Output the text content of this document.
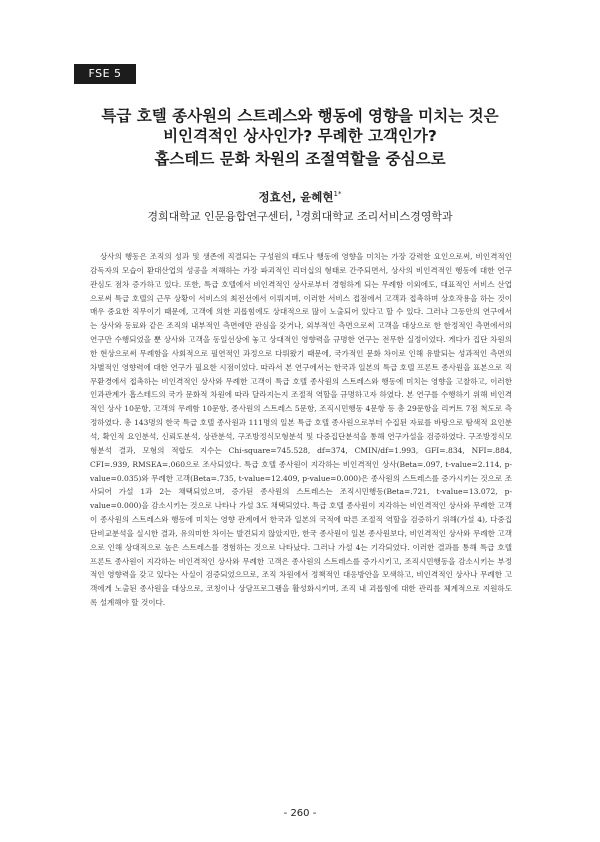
FSE 5
특급 호텔 종사원의 스트레스와 행동에 영향을 미치는 것은
비인격적인 상사인가? 무례한 고객인가?
홉스테드 문화 차원의 조절역할을 중심으로
정효선, 윤혜현$^{1*}$
경희대학교 인문융합연구센터, $^1$경희대학교 조리서비스경영학과
상사의 행동은 조직의 성과 및 생존에 직결되는 구성원의 태도나 행동에 영향을 미치는 가장 강력한 요인으로써, 비인격적인 감독자의 모습이 환대산업의 성공을 저해하는 가장 파괴적인 리더십의 형태로 간주되면서, 상사의 비인격적인 행동에 대한 연구 관심도 점차 증가하고 있다. 또한, 특급 호텔에서 비인격적인 상사로부터 경험하게 되는 무례함 이외에도, 대표적인 서비스 산업으로써 특급 호텔의 근무 상황이 서비스의 최전선에서 이뤄지며, 이러한 서비스 접점에서 고객과 접촉하며 상호작용을 하는 것이 매우 중요한 직무이기 때문에, 고객에 의한 괴롭힘에도 상대적으로 많이 노출되어 있다고 할 수 있다. 그러나 그동안의 연구에서는 상사와 동료와 같은 조직의 내부적인 측면에만 관심을 갖거나, 외부적인 측면으로써 고객을 대상으로 한 한정적인 측면에서의 연구만 수행되었을 뿐 상사와 고객을 동일선상에 놓고 상대적인 영향력을 규명한 연구는 전무한 실정이었다. 게다가 집단 차원의 한 현상으로써 무례함을 사회적으로 필연적인 과정으로 다뤄왔기 때문에, 국가적인 문화 차이로 인해 유발되는 성과적인 측면의 차별적인 영향력에 대한 연구가 필요한 시점이었다. 따라서 본 연구에서는 한국과 일본의 특급 호텔 프론트 종사원을 표본으로 직무환경에서 접촉하는 비인격적인 상사와 무례한 고객이 특급 호텔 종사원의 스트레스와 행동에 미치는 영향을 고찰하고, 이러한 인과관계가 홉스테드의 국가 문화적 차원에 따라 달라지는지 조절적 역할을 규명하고자 하였다. 본 연구를 수행하기 위해 비인격적인 상사 10문항, 고객의 무례함 10문항, 종사원의 스트레스 5문항, 조직시민행동 4문항 등 총 29문항을 리커트 7점 척도로 측정하였다. 총 143명의 한국 특급 호텔 종사원과 111명의 일본 특급 호텔 종사원으로부터 수집된 자료를 바탕으로 탐색적 요인분석, 확인적 요인분석, 신뢰도분석, 상관분석, 구조방정식모형분석 및 다중집단분석을 통해 연구가설을 검증하였다. 구조방정식모형분석 결과, 모형의 적합도 지수는 Chi-square=745.528, df=374, CMIN/df=1.993, GFI=.834, NFI=.884, CFI=.939, RMSEA=.060으로 조사되었다. 특급 호텔 종사원이 지각하는 비인격적인 상사(Beta=.097, t-value=2.114, p-value=0.035)와 무례한 고객(Beta=.735, t-value=12.409, p-value=0.000)은 종사원의 스트레스를 증가시키는 것으로 조사되어 가설 1과 2는 채택되었으며, 증가된 종사원의 스트레스는 조직시민행동(Beta=.721, t-value=13.072, p-value=0.000)을 감소시키는 것으로 나타나 가설 3도 채택되었다. 특급 호텔 종사원이 지각하는 비인격적인 상사와 무례한 고객이 종사원의 스트레스와 행동에 미치는 영향 관계에서 한국과 일본의 국적에 따른 조절적 역할을 검증하기 위해(가설 4), 다중집단비교분석을 실시한 결과, 유의미한 차이는 발견되지 않았지만, 한국 종사원이 일본 종사원보다, 비인격적인 상사와 무례한 고객으로 인해 상대적으로 높은 스트레스를 경험하는 것으로 나타났다. 그러나 가설 4는 기각되었다. 이러한 결과를 통해 특급 호텔 프론트 종사원이 지각하는 비인격적인 상사와 무례한 고객은 종사원의 스트레스를 증가시키고, 조직시민행동을 감소시키는 부정적인 영향력을 갖고 있다는 사실이 검증되었으므로, 조직 차원에서 정책적인 대응방안을 모색하고, 비인격적인 상사나 무례한 고객에게 노출된 종사원을 대상으로, 코칭이나 상담프로그램을 활성화시키며, 조직 내 괴롭힘에 대한 관리를 체계적으로 지원하도록 설계해야 할 것이다.
- 260 -
